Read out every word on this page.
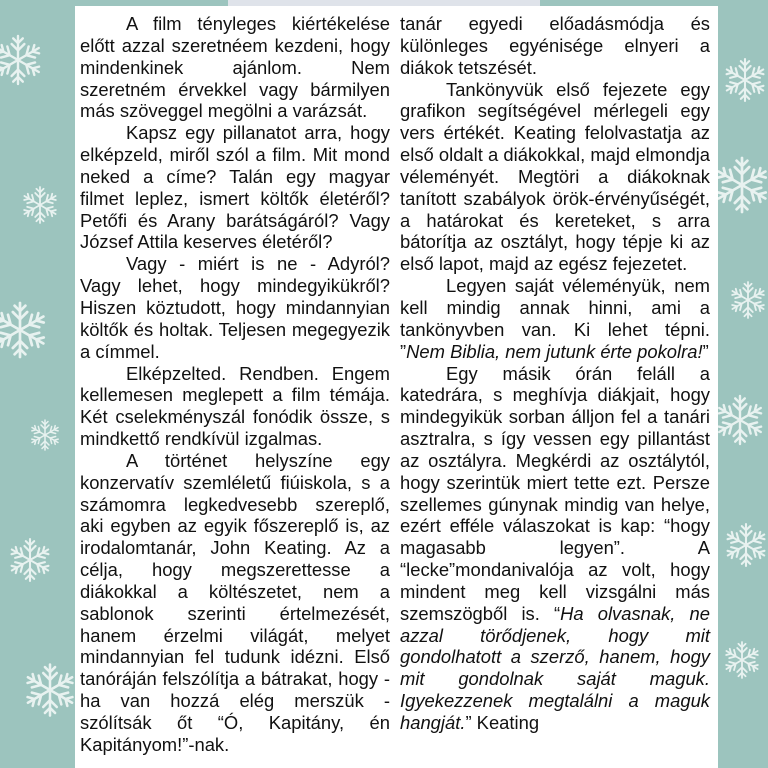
A film tényleges kiértékelése előtt azzal szeretnéem kezdeni, hogy mindenkinek ajánlom. Nem szeretném érvekkel vagy bármilyen más szöveggel megölni a varázsát.

Kapsz egy pillanatot arra, hogy elképzeld, miről szól a film. Mit mond neked a címe? Talán egy magyar filmet leplez, ismert költők életéről? Petőfi és Arany barátságáról? Vagy József Attila keserves életéről?

Vagy - miért is ne - Adyról? Vagy lehet, hogy mindegyikükről? Hiszen köztudott, hogy mindannyian költők és holtak. Teljesen megegyezik a címmel.

Elképzelted. Rendben. Engem kellemesen meglepett a film témája. Két cselekményszál fonódik össze, s mindkettő rendkívül izgalmas.

A történet helyszíne egy konzervatív szemléletű fiúiskola, s a számomra legkedvesebb szereplő, aki egyben az egyik főszereplő is, az irodalomtanár, John Keating. Az a célja, hogy megszerettesse a diákokkal a költészetet, nem a sablonok szerinti értelmezését, hanem érzelmi világát, melyet mindannyian fel tudunk idézni. Első tanóráján felszólítja a bátrakat, hogy - ha van hozzá elég merszük - szólítsák őt “Ó, Kapitány, én Kapitányom!”-nak.

tanár egyedi előadásmódja és különleges egyénisége elnyeri a diákok tetszését.

Tankönyvük első fejezete egy grafikon segítségével mérlegeli egy vers értékét. Keating felolvastatja az első oldalt a diákokkal, majd elmondja véleményét. Megtöri a diákoknak tanított szabályok örök-érvényűségét, a határokat és kereteket, s arra bátorítja az osztályt, hogy tépje ki az első lapot, majd az egész fejezetet.

Legyen saját véleményük, nem kell mindig annak hinni, ami a tankönyvben van. Ki lehet tépni. ”Nem Biblia, nem jutunk érte pokolra!”

Egy másik órán feláll a katedrára, s meghívja diákjait, hogy mindegyikük sorban álljon fel a tanári asztralra, s így vessen egy pillantást az osztályra. Megkérdi az osztálytól, hogy szerintük miert tette ezt. Persze szellemes gúnynak mindig van helye, ezért efféle válaszokat is kap: “hogy magasabb legyen”. A “lecke”mondanivalója az volt, hogy mindent meg kell vizsgálni más szemszögből is. “Ha olvasnak, ne azzal törődjenek, hogy mit gondolhatott a szerző, hanem, hogy mit gondolnak saját maguk. Igyekezzenek megtalálni a maguk hangját.” Keating
